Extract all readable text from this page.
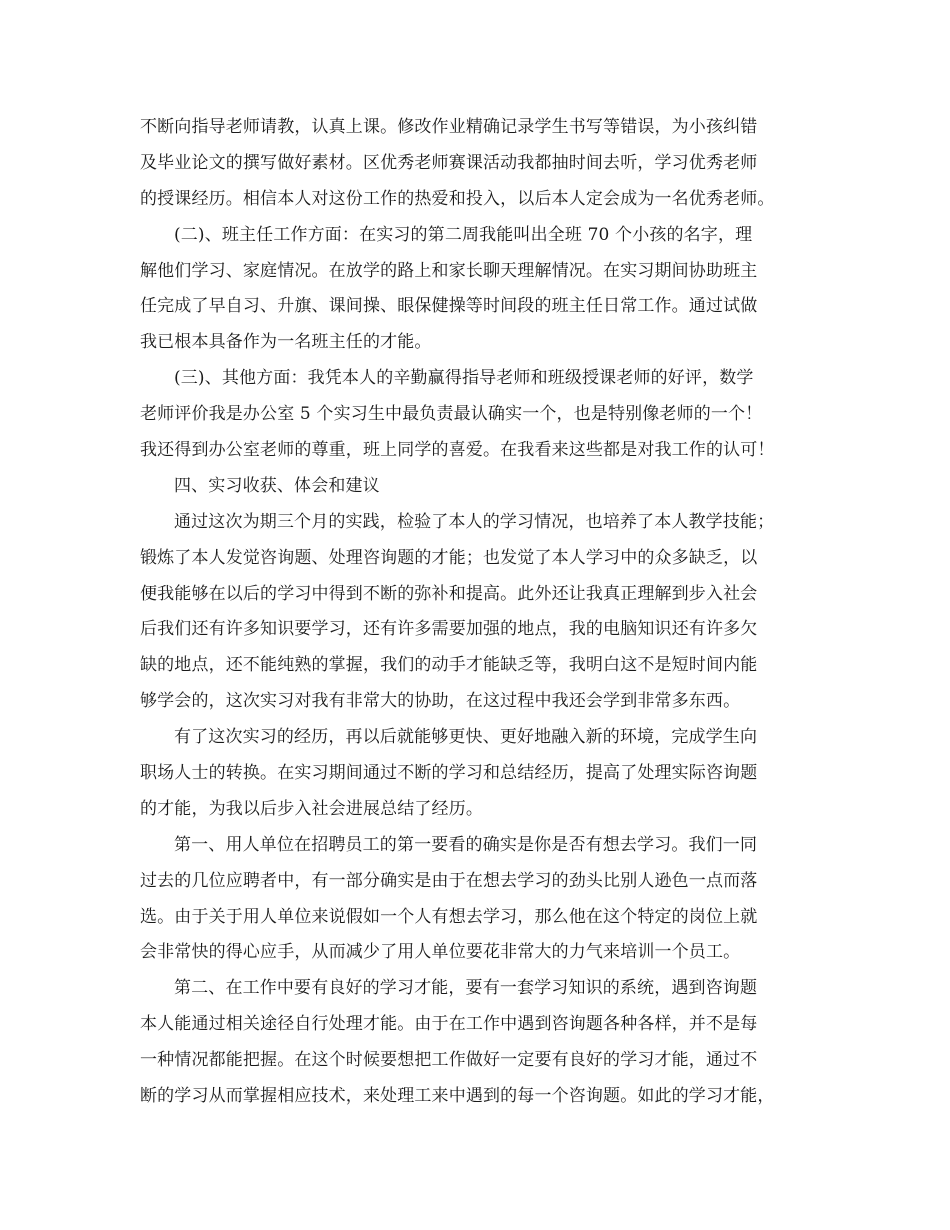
不断向指导老师请教，认真上课。修改作业精确记录学生书写等错误，为小孩纠错
及毕业论文的撰写做好素材。区优秀老师赛课活动我都抽时间去听，学习优秀老师
的授课经历。相信本人对这份工作的热爱和投入，以后本人定会成为一名优秀老师。
(二)、班主任工作方面：在实习的第二周我能叫出全班 70 个小孩的名字，理
解他们学习、家庭情况。在放学的路上和家长聊天理解情况。在实习期间协助班主
任完成了早自习、升旗、课间操、眼保健操等时间段的班主任日常工作。通过试做
我已根本具备作为一名班主任的才能。
(三)、其他方面：我凭本人的辛勤赢得指导老师和班级授课老师的好评，数学
老师评价我是办公室 5 个实习生中最负责最认确实一个，也是特别像老师的一个！
我还得到办公室老师的尊重，班上同学的喜爱。在我看来这些都是对我工作的认可！
四、实习收获、体会和建议
通过这次为期三个月的实践，检验了本人的学习情况，也培养了本人教学技能；
锻炼了本人发觉咨询题、处理咨询题的才能；也发觉了本人学习中的众多缺乏，以
便我能够在以后的学习中得到不断的弥补和提高。此外还让我真正理解到步入社会
后我们还有许多知识要学习，还有许多需要加强的地点，我的电脑知识还有许多欠
缺的地点，还不能纯熟的掌握，我们的动手才能缺乏等，我明白这不是短时间内能
够学会的，这次实习对我有非常大的协助，在这过程中我还会学到非常多东西。
有了这次实习的经历，再以后就能够更快、更好地融入新的环境，完成学生向
职场人士的转换。在实习期间通过不断的学习和总结经历，提高了处理实际咨询题
的才能，为我以后步入社会进展总结了经历。
第一、用人单位在招聘员工的第一要看的确实是你是否有想去学习。我们一同
过去的几位应聘者中，有一部分确实是由于在想去学习的劲头比别人逊色一点而落
选。由于关于用人单位来说假如一个人有想去学习，那么他在这个特定的岗位上就
会非常快的得心应手，从而减少了用人单位要花非常大的力气来培训一个员工。
第二、在工作中要有良好的学习才能，要有一套学习知识的系统，遇到咨询题
本人能通过相关途径自行处理才能。由于在工作中遇到咨询题各种各样，并不是每
一种情况都能把握。在这个时候要想把工作做好一定要有良好的学习才能，通过不
断的学习从而掌握相应技术，来处理工来中遇到的每一个咨询题。如此的学习才能，
